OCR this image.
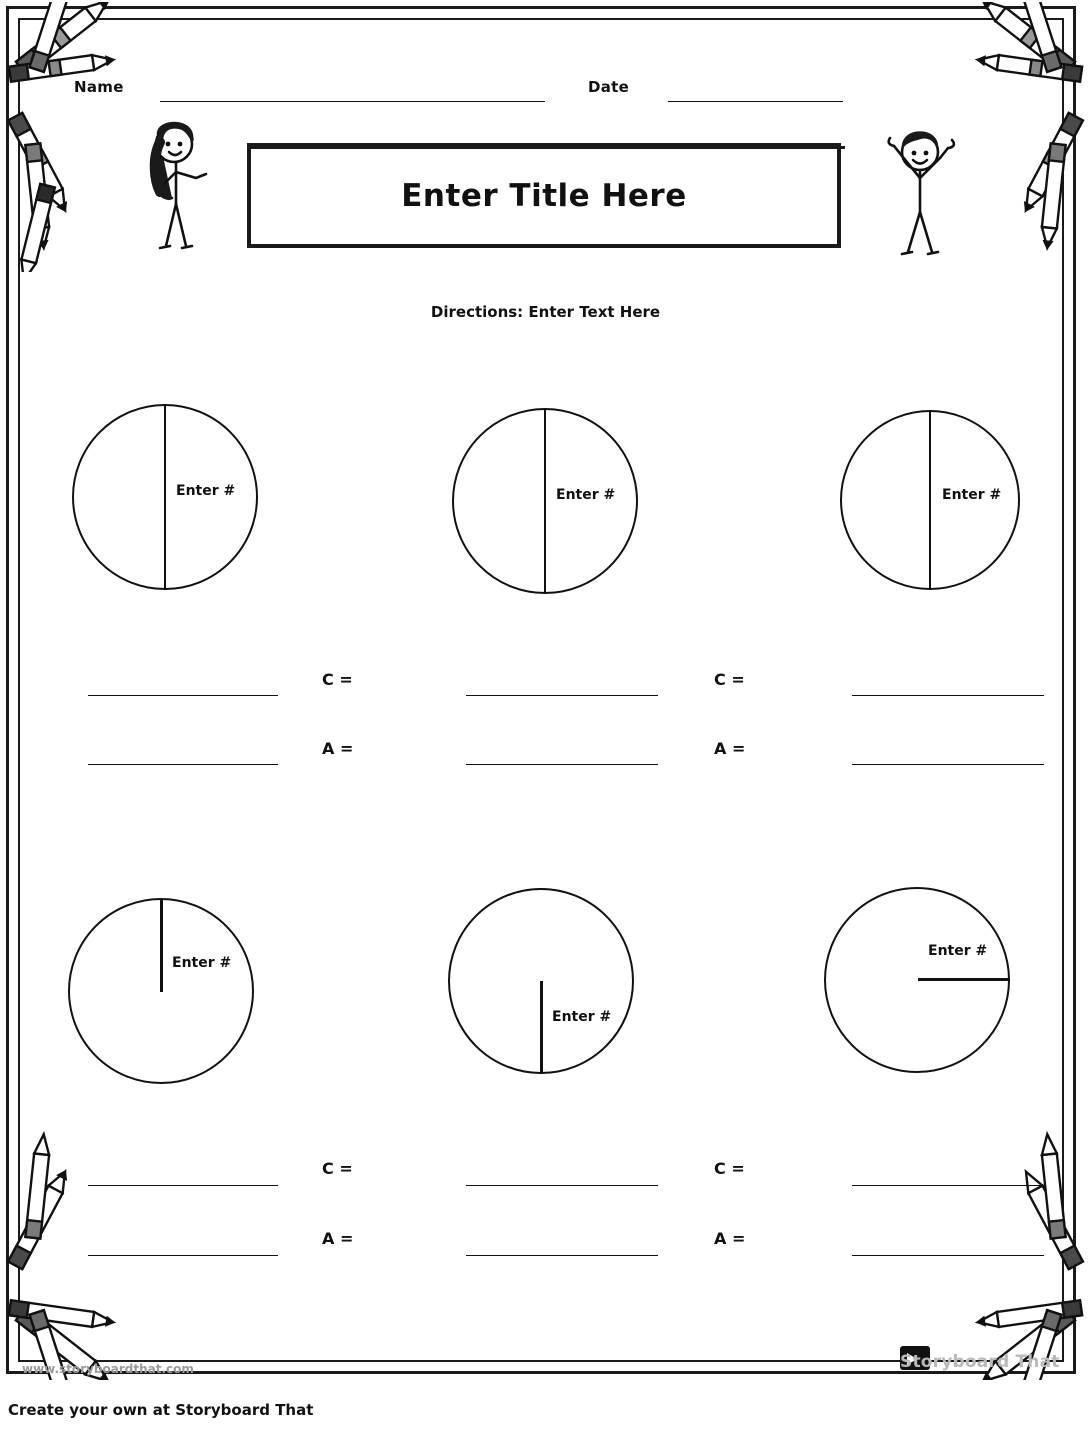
Name	Date
Enter Title Here
Directions: Enter Text Here
Enter #
C =
A =
Enter #
C =
A =
Enter #
Enter #
C =
A =
Enter #
C =
A =
Enter #
www.storyboardthat.com	Storyboard That
Create your own at Storyboard That
